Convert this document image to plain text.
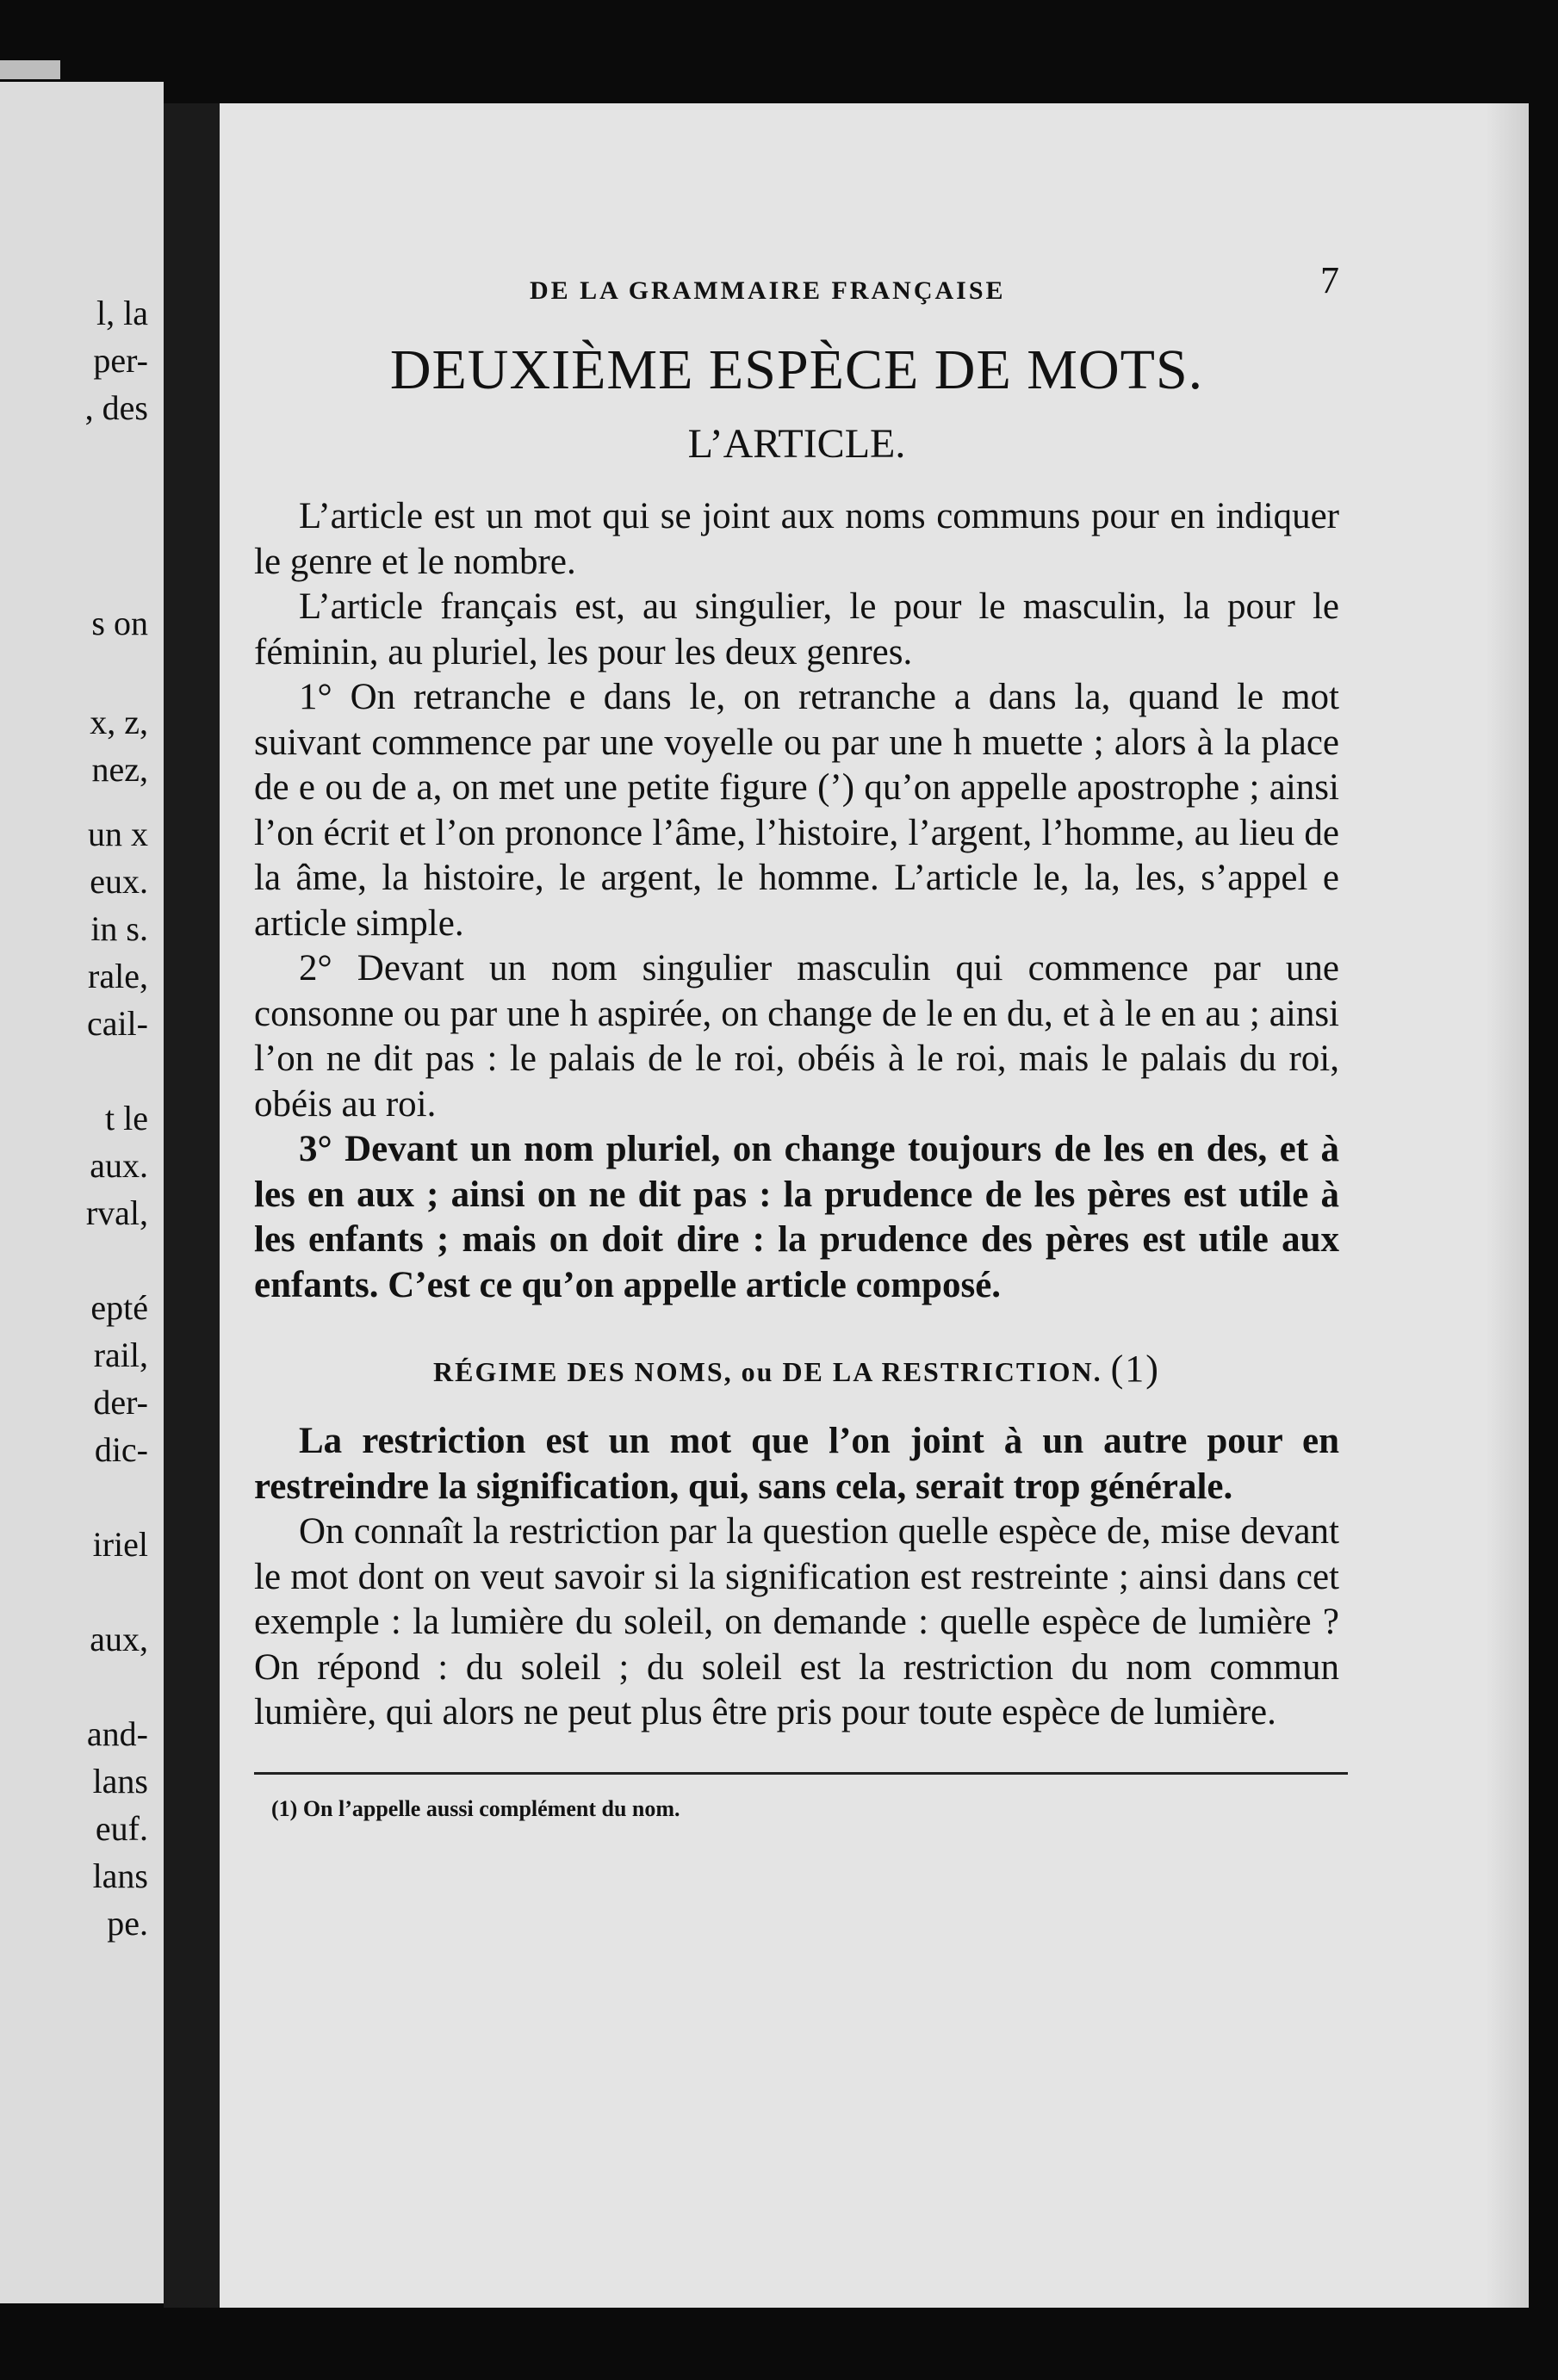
l, la
per-
, des
s on
x, z,
nez,
un x
eux.
in s.
rale,
cail-
t le
aux.
rval,
epté
rail,
der-
dic-
iriel
aux,
and-
lans
euf.
lans
pe.
DE LA GRAMMAIRE FRANÇAISE	7
DEUXIÈME ESPÈCE DE MOTS.
L’ARTICLE.

L’article est un mot qui se joint aux noms communs pour en indiquer le genre et le nombre.

L’article français est, au singulier, le pour le masculin, la pour le féminin, au pluriel, les pour les deux genres.

1° On retranche e dans le, on retranche a dans la, quand le mot suivant commence par une voyelle ou par une h muette ; alors à la place de e ou de a, on met une petite figure (’) qu’on appelle apostrophe ; ainsi l’on écrit et l’on prononce l’âme, l’histoire, l’argent, l’homme, au lieu de la âme, la histoire, le argent, le homme. L’article le, la, les, s’appel e article simple.

2° Devant un nom singulier masculin qui commence par une consonne ou par une h aspirée, on change de le en du, et à le en au ; ainsi l’on ne dit pas : le palais de le roi, obéis à le roi, mais le palais du roi, obéis au roi.

3° Devant un nom pluriel, on change toujours de les en des, et à les en aux ; ainsi on ne dit pas : la prudence de les pères est utile à les enfants ; mais on doit dire : la prudence des pères est utile aux enfants. C’est ce qu’on appelle article composé.

RÉGIME DES NOMS, ou DE LA RESTRICTION. (1)

La restriction est un mot que l’on joint à un autre pour en restreindre la signification, qui, sans cela, serait trop générale.

On connaît la restriction par la question quelle espèce de, mise devant le mot dont on veut savoir si la signification est restreinte ; ainsi dans cet exemple : la lumière du soleil, on demande : quelle espèce de lumière ? On répond : du soleil ; du soleil est la restriction du nom commun lumière, qui alors ne peut plus être pris pour toute espèce de lumière.

(1) On l’appelle aussi complément du nom.
